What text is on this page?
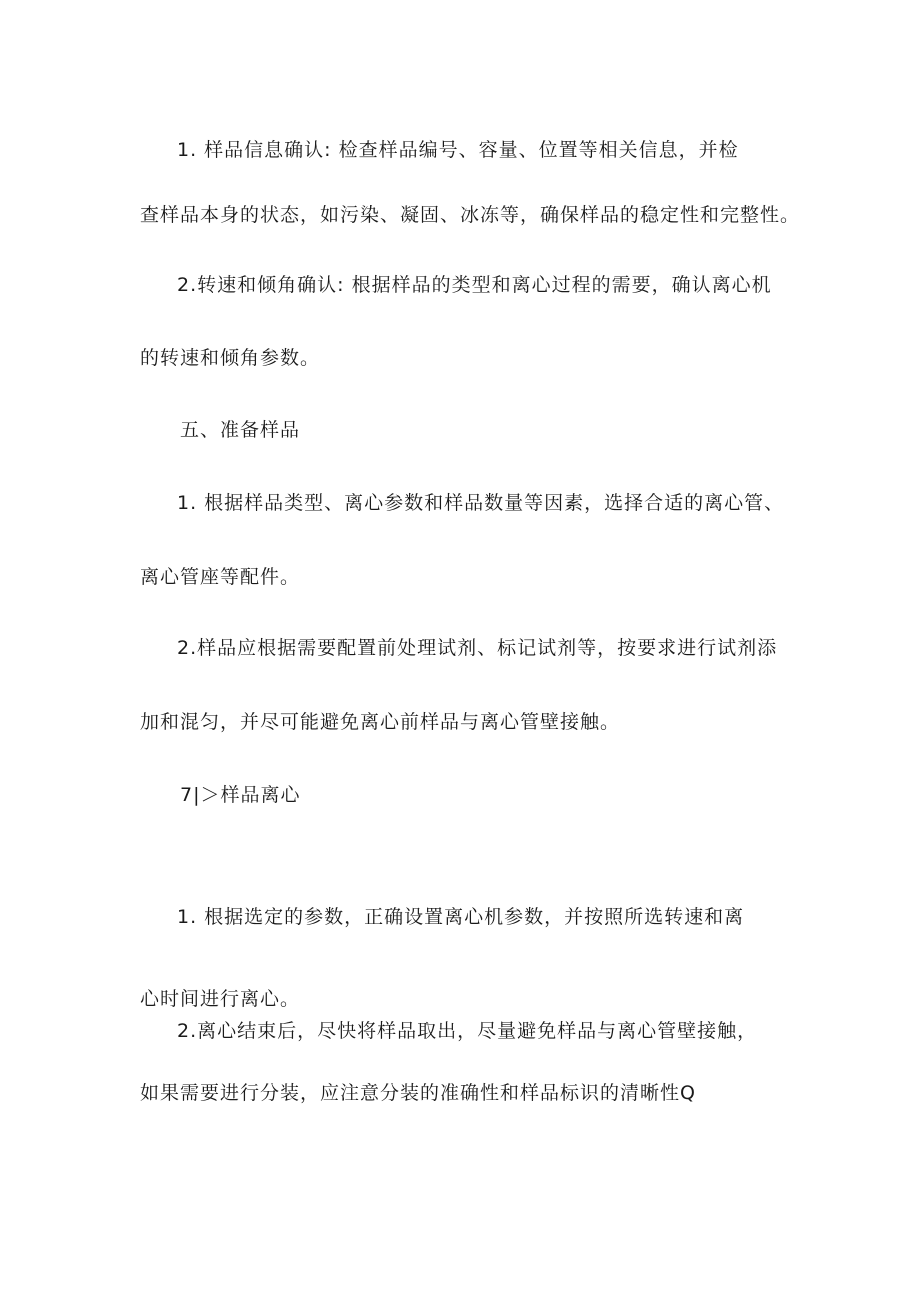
1. 样品信息确认: 检查样品编号、容量、位置等相关信息，并检
查样品本身的状态，如污染、凝固、冰冻等，确保样品的稳定性和完整性。
2.转速和倾角确认: 根据样品的类型和离心过程的需要，确认离心机
的转速和倾角参数。
五、准备样品
1. 根据样品类型、离心参数和样品数量等因素，选择合适的离心管、
离心管座等配件。
2.样品应根据需要配置前处理试剂、标记试剂等，按要求进行试剂添
加和混匀，并尽可能避免离心前样品与离心管壁接触。
7|＞样品离心
1. 根据选定的参数，正确设置离心机参数，并按照所选转速和离
心时间进行离心。
2.离心结束后，尽快将样品取出，尽量避免样品与离心管壁接触，
如果需要进行分装，应注意分装的准确性和样品标识的清晰性Q
